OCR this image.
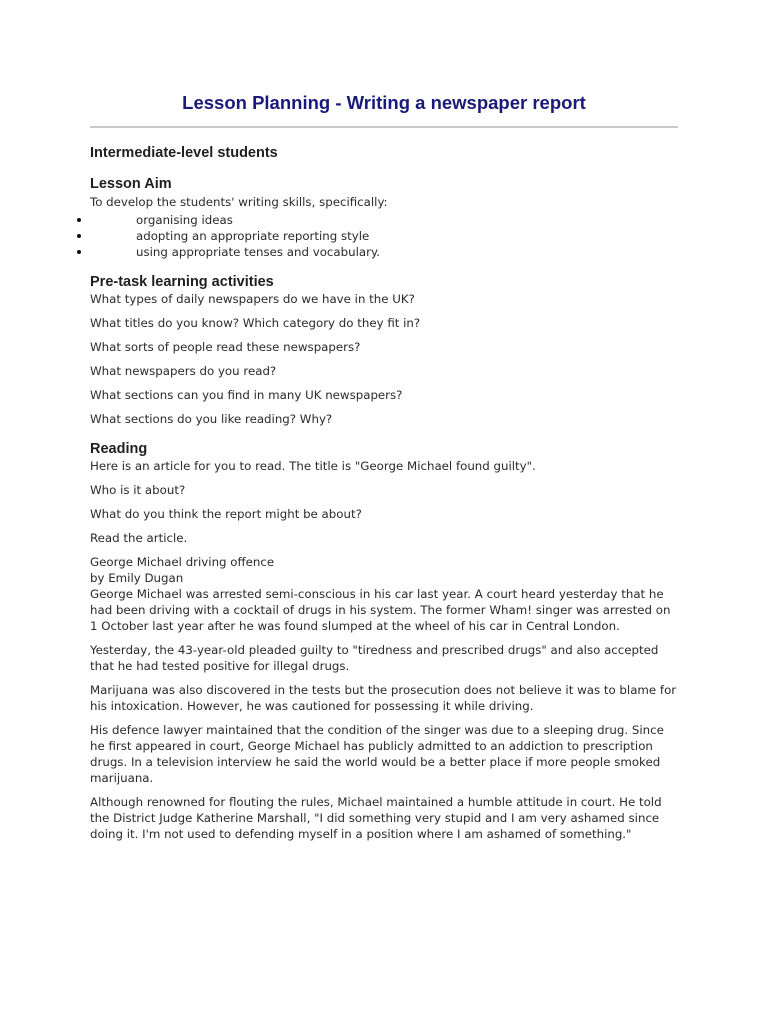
Lesson Planning - Writing a newspaper report
Intermediate-level students
Lesson Aim
To develop the students' writing skills, specifically:
organising ideas
adopting an appropriate reporting style
using appropriate tenses and vocabulary.
Pre-task learning activities
What types of daily newspapers do we have in the UK?
What titles do you know? Which category do they fit in?
What sorts of people read these newspapers?
What newspapers do you read?
What sections can you find in many UK newspapers?
What sections do you like reading? Why?
Reading
Here is an article for you to read. The title is "George Michael found guilty".
Who is it about?
What do you think the report might be about?
Read the article.
George Michael driving offence
by Emily Dugan
George Michael was arrested semi-conscious in his car last year. A court heard yesterday that he had been driving with a cocktail of drugs in his system. The former Wham! singer was arrested on 1 October last year after he was found slumped at the wheel of his car in Central London.
Yesterday, the 43-year-old pleaded guilty to "tiredness and prescribed drugs" and also accepted that he had tested positive for illegal drugs.
Marijuana was also discovered in the tests but the prosecution does not believe it was to blame for his intoxication. However, he was cautioned for possessing it while driving.
His defence lawyer maintained that the condition of the singer was due to a sleeping drug. Since he first appeared in court, George Michael has publicly admitted to an addiction to prescription drugs. In a television interview he said the world would be a better place if more people smoked marijuana.
Although renowned for flouting the rules, Michael maintained a humble attitude in court. He told the District Judge Katherine Marshall, "I did something very stupid and I am very ashamed since doing it. I'm not used to defending myself in a position where I am ashamed of something."
